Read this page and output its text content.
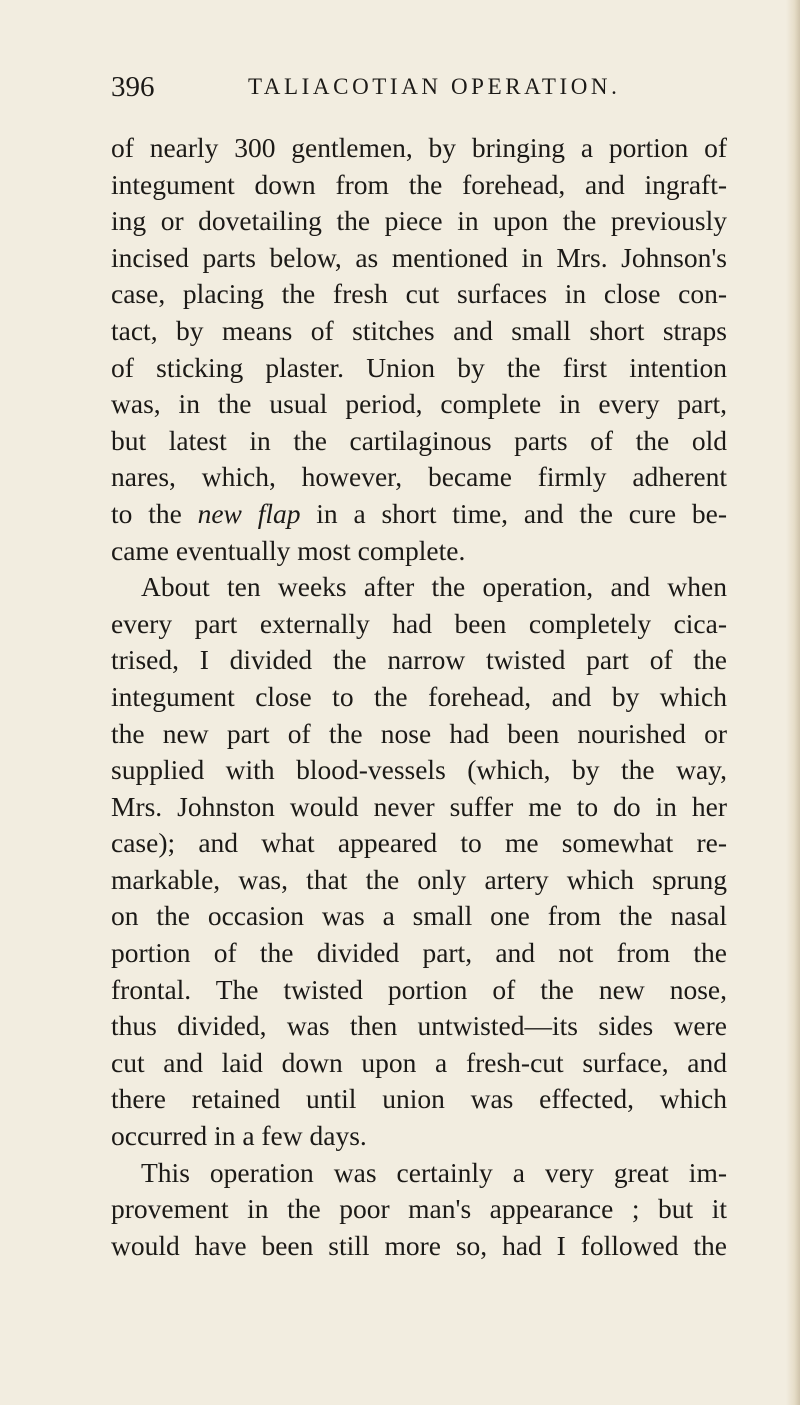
396	TALIACOTIAN OPERATION.
of nearly 300 gentlemen, by bringing a portion of
integument down from the forehead, and ingraft-
ing or dovetailing the piece in upon the previously
incised parts below, as mentioned in Mrs. Johnson's
case, placing the fresh cut surfaces in close con-
tact, by means of stitches and small short straps
of sticking plaster. Union by the first intention
was, in the usual period, complete in every part,
but latest in the cartilaginous parts of the old
nares, which, however, became firmly adherent
to the new flap in a short time, and the cure be-
came eventually most complete.
About ten weeks after the operation, and when
every part externally had been completely cica-
trised, I divided the narrow twisted part of the
integument close to the forehead, and by which
the new part of the nose had been nourished or
supplied with blood-vessels (which, by the way,
Mrs. Johnston would never suffer me to do in her
case); and what appeared to me somewhat re-
markable, was, that the only artery which sprung
on the occasion was a small one from the nasal
portion of the divided part, and not from the
frontal. The twisted portion of the new nose,
thus divided, was then untwisted—its sides were
cut and laid down upon a fresh-cut surface, and
there retained until union was effected, which
occurred in a few days.
This operation was certainly a very great im-
provement in the poor man's appearance ; but it
would have been still more so, had I followed the
